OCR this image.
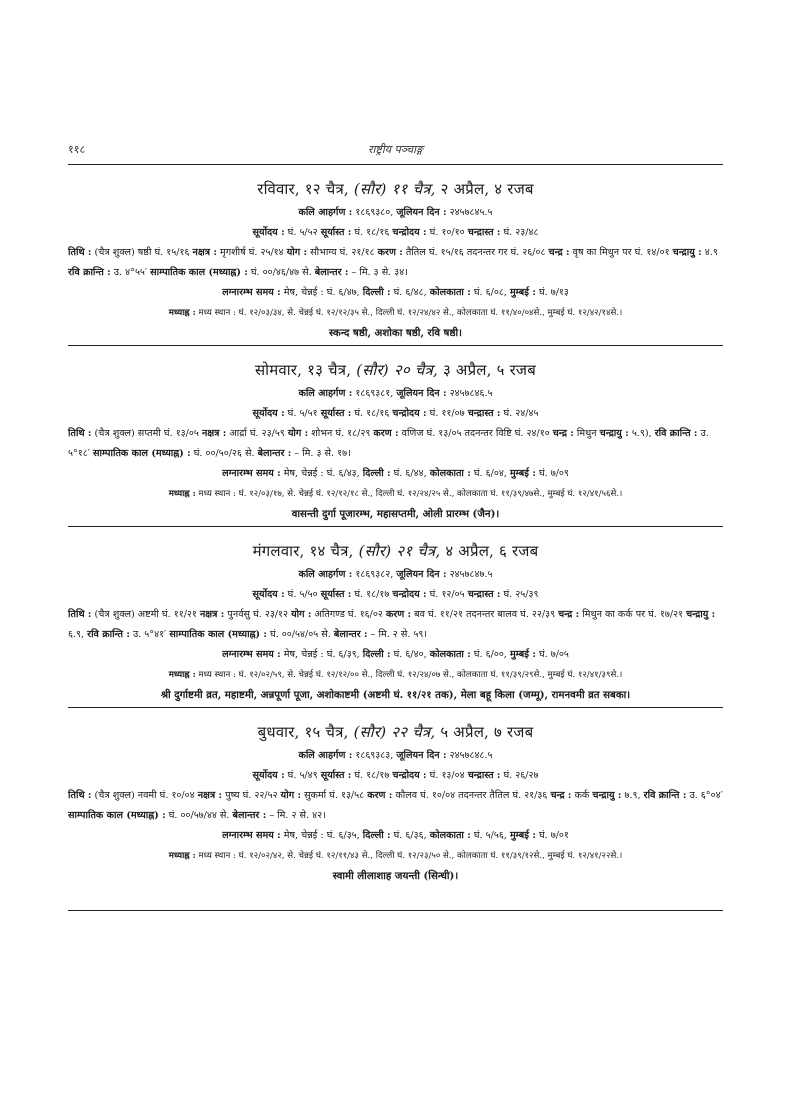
११८	राष्ट्रीय पञ्चाङ्ग
रविवार, १२ चैत्र, (सौर) ११ चैत्र, २ अप्रैल, ४ रजब
कलि आहर्गण : १८६९३८०, जूलियन दिन : २४५७८४५.५
सूर्योदय : घं. ५/५२ सूर्यास्त : घं. १८/१६ चन्द्रोदय : घं. १०/१० चन्द्रास्त : घं. २३/४८
तिथि : (चैत्र शुक्ल) षष्ठी घं. १५/१६ नक्षत्र : मृगशीर्ष घं. २५/१४ योग : सौभाग्य घं. २१/१८ करण : तैतिल घं. १५/१६ तदनन्तर गर घं. २६/०८ चन्द्र : वृष का मिथुन पर घं. १४/०१ चन्द्रायु : ४.९ रवि क्रान्ति : उ. ४°५५′ साम्पातिक काल (मध्याह्न) : घं. ००/४६/४७ से. बेलान्तर : – मि. ३ से. ३४।
लग्नारम्भ समय : मेष, चेन्नई : घं. ६/४७, दिल्ली : घं. ६/४८, कोलकाता : घं. ६/०८, मुम्बई : घं. ७/१३
मध्याह्न : मध्य स्थान : घं. १२/०३/३४, से. चेन्नई घं. १२/१२/३५ से., दिल्ली घं. १२/२४/४२ से., कोलकाता घं. ११/४०/०४से., मुम्बई घं. १२/४२/१४से.।
स्कन्द षष्ठी, अशोका षष्ठी, रवि षष्ठी।
सोमवार, १३ चैत्र, (सौर) २० चैत्र, ३ अप्रैल, ५ रजब
कलि आहर्गण : १८६९३८१, जूलियन दिन : २४५७८४६.५
सूर्योदय : घं. ५/५१ सूर्यास्त : घं. १८/१६ चन्द्रोदय : घं. ११/०७ चन्द्रास्त : घं. २४/४५
तिथि : (चैत्र शुक्ल) सप्तमी घं. १३/०५ नक्षत्र : आर्द्रा घं. २३/५९ योग : शोभन घं. १८/२९ करण : वणिज घं. १३/०५ तदनन्तर विष्टि घं. २४/१० चन्द्र : मिथुन चन्द्रायु : ५.९), रवि क्रान्ति : उ. ५°१८′ साम्पातिक काल (मध्याह्न) : घं. ००/५०/२६ से. बेलान्तर : – मि. ३ से. १७।
लग्नारम्भ समय : मेष, चेन्नई : घं. ६/४३, दिल्ली : घं. ६/४४, कोलकाता : घं. ६/०४, मुम्बई : घं. ७/०९
मध्याह्न : मध्य स्थान : घं. १२/०३/१७, से. चेन्नई घं. १२/१२/१८ से., दिल्ली घं. १२/२४/२५ से., कोलकाता घं. ११/३९/४७से., मुम्बई घं. १२/४१/५६से.।
वासन्ती दुर्गा पूजारम्भ, महासप्तमी, ओली प्रारम्भ (जैन)।
मंगलवार, १४ चैत्र, (सौर) २१ चैत्र, ४ अप्रैल, ६ रजब
कलि आहर्गण : १८६९३८२, जूलियन दिन : २४५७८४७.५
सूर्योदय : घं. ५/५० सूर्यास्त : घं. १८/१७ चन्द्रोदय : घं. १२/०५ चन्द्रास्त : घं. २५/३९
तिथि : (चैत्र शुक्ल) अष्टमी घं. ११/२१ नक्षत्र : पुनर्वसु घं. २३/१२ योग : अतिगण्ड घं. १६/०२ करण : बव घं. ११/२१ तदनन्तर बालव घं. २२/३९ चन्द्र : मिथुन का कर्क पर घं. १७/२१ चन्द्रायु : ६.९, रवि क्रान्ति : उ. ५°४१′ साम्पातिक काल (मध्याह्न) : घं. ००/५४/०५ से. बेलान्तर : – मि. २ से. ५९।
लग्नारम्भ समय : मेष, चेन्नई : घं. ६/३९, दिल्ली : घं. ६/४०, कोलकाता : घं. ६/००, मुम्बई : घं. ७/०५
मध्याह्न : मध्य स्थान : घं. १२/०२/५९, से. चेन्नई घं. १२/१२/०० से., दिल्ली घं. १२/२४/०७ से., कोलकाता घं. ११/३९/२९से., मुम्बई घं. १२/४१/३९से.।
श्री दुर्गाष्टमी व्रत, महाष्टमी, अन्नपूर्णा पूजा, अशोकाष्टमी (अष्टमी घं. ११/२१ तक), मेला बहू किला (जम्मू), रामनवमी व्रत सबका।
बुधवार, १५ चैत्र, (सौर) २२ चैत्र, ५ अप्रैल, ७ रजब
कलि आहर्गण : १८६९३८३, जूलियन दिन : २४५७८४८.५
सूर्योदय : घं. ५/४९ सूर्यास्त : घं. १८/१७ चन्द्रोदय : घं. १३/०४ चन्द्रास्त : घं. २६/२७
तिथि : (चैत्र शुक्ल) नवमी घं. १०/०४ नक्षत्र : पुष्य घं. २२/५२ योग : सुकर्मा घं. १३/५८ करण : कौलव घं. १०/०४ तदनन्तर तैतिल घं. २१/३६ चन्द्र : कर्क चन्द्रायु : ७.९, रवि क्रान्ति : उ. ६°०४′ साम्पातिक काल (मध्याह्न) : घं. ००/५७/४४ से. बेलान्तर : – मि. २ से. ४२।
लग्नारम्भ समय : मेष, चेन्नई : घं. ६/३५, दिल्ली : घं. ६/३६, कोलकाता : घं. ५/५६, मुम्बई : घं. ७/०१
मध्याह्न : मध्य स्थान : घं. १२/०२/४२, से. चेन्नई घं. १२/११/४३ से., दिल्ली घं. १२/२३/५० से., कोलकाता घं. ११/३९/१२से., मुम्बई घं. १२/४१/२२से.।
स्वामी लीलाशाह जयन्ती (सिन्धी)।
